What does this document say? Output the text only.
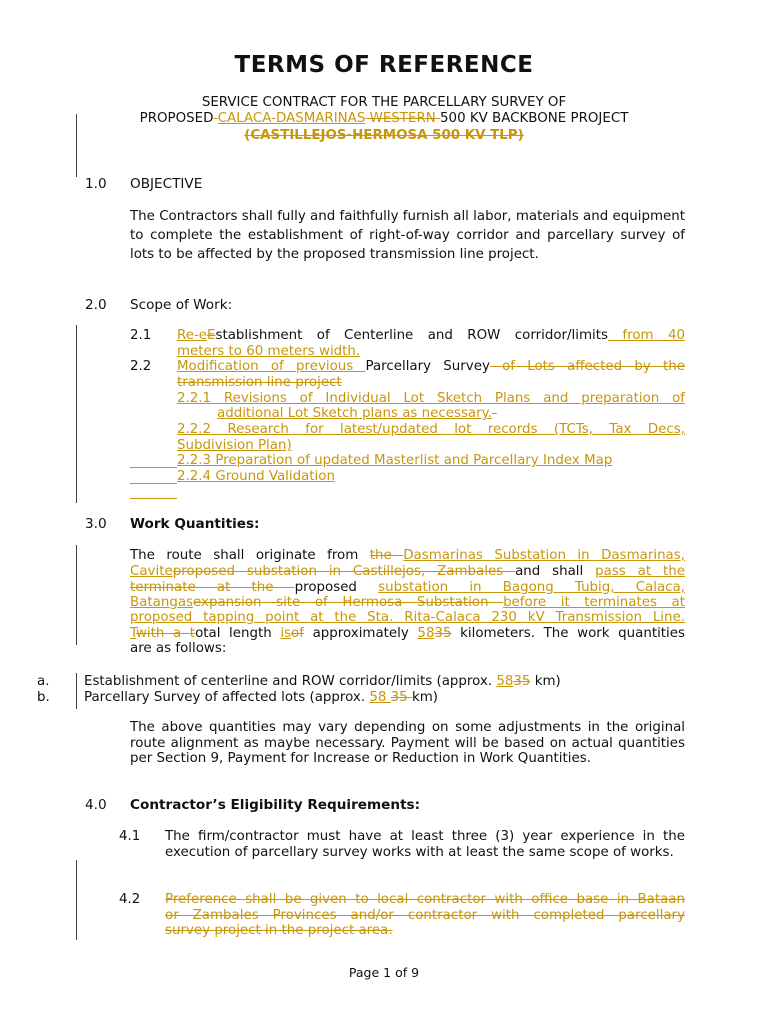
TERMS OF REFERENCE
SERVICE CONTRACT FOR THE PARCELLARY SURVEY OF
PROPOSED CALACA-DASMARINAS WESTERN 500 KV BACKBONE PROJECT
(CASTILLEJOS-HERMOSA 500 KV TLP)
1.0 OBJECTIVE
The Contractors shall fully and faithfully furnish all labor, materials and equipment to complete the establishment of right-of-way corridor and parcellary survey of lots to be affected by the proposed transmission line project.
2.0 Scope of Work:
2.1 Re-eEstablishment of Centerline and ROW corridor/limits from 40
meters to 60 meters width.
2.2 Modification of previous Parcellary Survey of Lots affected by the
transmission line project
2.2.1 Revisions of Individual Lot Sketch Plans and preparation of
additional Lot Sketch plans as necessary.-
2.2.2 Research for latest/updated lot records (TCTs, Tax Decs,
Subdivision Plan)
2.2.3 Preparation of updated Masterlist and Parcellary Index Map
2.2.4 Ground Validation
3.0 Work Quantities:
The route shall originate from the Dasmarinas Substation in Dasmarinas,
Caviteproposed substation in Castillejos, Zambales and shall pass at the
terminate at the proposed substation in Bagong Tubig, Calaca,
Batangasexpansion site of Hermosa Substation before it terminates at
proposed tapping point at the Sta. Rita-Calaca 230 kV Transmission Line.
Twith a total length isof approximately 5835 kilometers. The work quantities
are as follows:
a.	Establishment of centerline and ROW corridor/limits (approx. 5835 km)
b.	Parcellary Survey of affected lots (approx. 58 35 km)
The above quantities may vary depending on some adjustments in the original route alignment as maybe necessary. Payment will be based on actual quantities per Section 9, Payment for Increase or Reduction in Work Quantities.
4.0 Contractor’s Eligibility Requirements:
4.1 The firm/contractor must have at least three (3) year experience in the execution of parcellary survey works with at least the same scope of works.
4.2 Preference shall be given to local contractor with office base in Bataan
or Zambales Provinces and/or contractor with completed parcellary
survey project in the project area.
Page 1 of 9
